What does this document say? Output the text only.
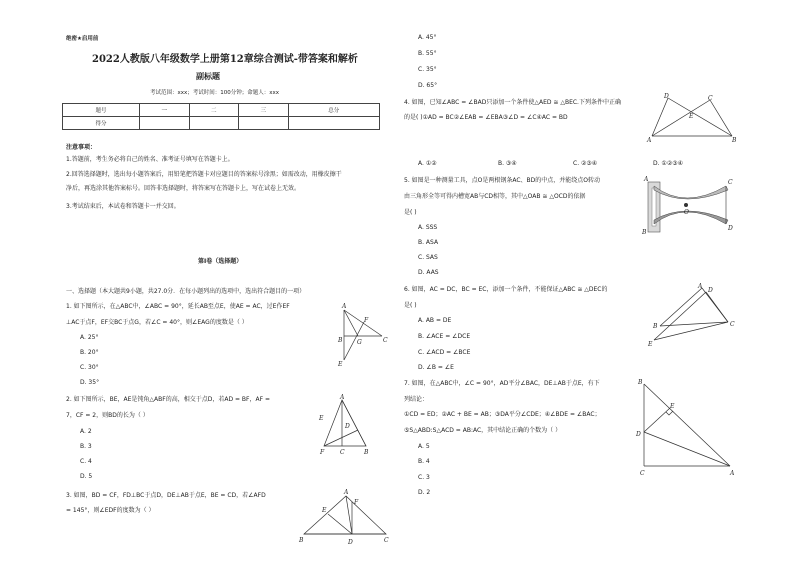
绝密★启用前
2022人教版八年级数学上册第12章综合测试-带答案和解析
副标题
考试范围：xxx；考试时间：100分钟；命题人：xxx
题号	一	二	三	总分
得分				
注意事项：
1.答题前，考生务必将自己的姓名、准考证号填写在答题卡上。
2.回答选择题时，选出每小题答案后，用铅笔把答题卡对应题目的答案标号涂黑；如需改动，用橡皮擦干
净后，再选涂其他答案标号。回答非选择题时，将答案写在答题卡上，写在试卷上无效。
3.考试结束后，本试卷和答题卡一并交回。
第I卷（选择题）
一、选择题（本大题共9小题，共27.0分．在每小题列出的选项中，选出符合题目的一项）
1. 如下图所示，在△ABC中，∠ABC = 90°，延长AB至点E，使AE = AC，过E作EF
⊥AC于点F，EF交BC于点G，若∠C = 40°，则∠EAG的度数是（ ）
A. 25°
B. 20°
C. 30°
D. 35°
2. 如下图所示，BE，AE是钝角△ABF的高，相交于点D，若AD = BF，AF =
7，CF = 2，则BD的长为（ ）
A. 2
B. 3
C. 4
D. 5
3. 如图，BD = CF，FD⊥BC于点D，DE⊥AB于点E，BE = CD，若∠AFD
= 145°，则∠EDF的度数为（ ）
A
F
E
G
B	C
A
D
F	B
C
E
A
E
F
B	D	C
A. 45°
B. 55°
C. 35°
D. 65°
4. 如图，已知∠ABC = ∠BAD只添加一个条件使△AED ≅ △BEC.下列条件中正确
的是( )①AD = BC②∠EAB = ∠EBA③∠D = ∠C④AC = BD
A. ①②	B. ③④	C. ②③④	D. ①②③④
D	C
E
A	B
5. 如图是一种测量工具，点O是两根钢条AC、BD的中点，并能绕点O转动
由三角形全等可得内槽宽AB与CD相等，其中△OAB ≅ △OCD的依据
是( )
A. SSS
B. ASA
C. SAS
D. AAS
A	C
D
O
B
6. 如图，AC = DC，BC = EC，添加一个条件，不能保证△ABC ≅ △DEC的
是( )
A. AB = DE
B. ∠ACE = ∠DCE
C. ∠ACD = ∠BCE
D. ∠B = ∠E
A
D
B
E
C
7. 如图，在△ABC中，∠C = 90°，AD平分∠BAC，DE⊥AB于点E，有下
列结论：
①CD = ED；②AC + BE = AB；③DA平分∠CDE；④∠BDE = ∠BAC；
⑤S△ABD:S△ACD = AB:AC，其中结论正确的个数为（ ）
A. 5
B. 4
C. 3
D. 2
B
E
D
C	A
